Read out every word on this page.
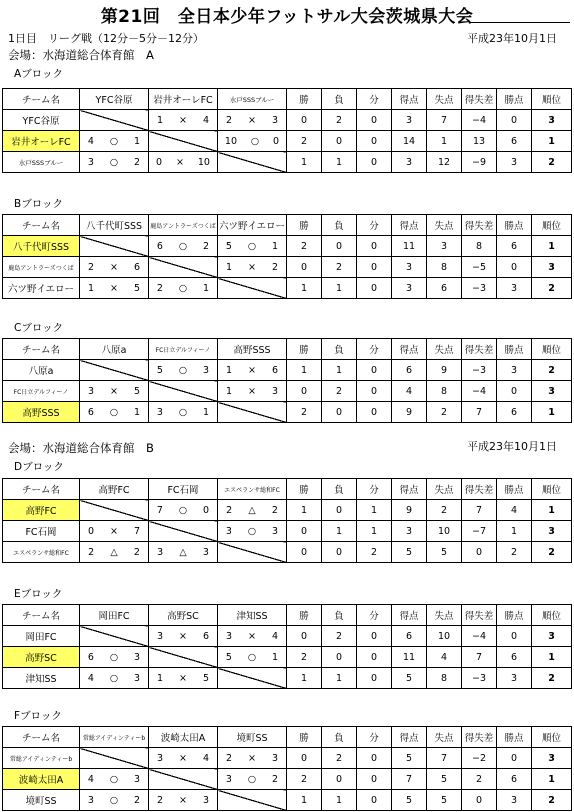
第21回　全日本少年フットサル大会茨城県大会
1日目　リーグ戦（12分－5分－12分）	平成23年10月1日
会場：水海道総合体育館　A
平成23年10月1日
会場：水海道総合体育館　B
Aブロック
チーム名	YFC谷原	岩井オーレFC	水戸SSSブルー	勝	負	分	得点	失点	得失差	勝点	順位
YFC谷原		1 × 4	2 × 3	0	2	0	3	7	−4	0	3
岩井オーレFC	4 ○ 1		10 ○ 0	2	0	0	14	1	13	6	1
水戸SSSブルー	3 ○ 2	0 × 10		1	1	0	3	12	−9	3	2
Bブロック
チーム名	八千代町SSS	鹿島アントラーズつくば	六ツ野イエロー	勝	負	分	得点	失点	得失差	勝点	順位
八千代町SSS		6 ○ 2	5 ○ 1	2	0	0	11	3	8	6	1
鹿島アントラーズつくば	2 × 6		1 × 2	0	2	0	3	8	−5	0	3
六ツ野イエロー	1 × 5	2 ○ 1		1	1	0	3	6	−3	3	2
Cブロック
チーム名	八原a	FC日立デルフィーノ	高野SSS	勝	負	分	得点	失点	得失差	勝点	順位
八原a		5 ○ 3	1 × 6	1	1	0	6	9	−3	3	2
FC日立デルフィーノ	3 × 5		1 × 3	0	2	0	4	8	−4	0	3
高野SSS	6 ○ 1	3 ○ 1		2	0	0	9	2	7	6	1
Dブロック
チーム名	高野FC	FC石岡	エスペランサ総和FC	勝	負	分	得点	失点	得失差	勝点	順位
高野FC		7 ○ 0	2 △ 2	1	0	1	9	2	7	4	1
FC石岡	0 × 7		3 ○ 3	0	1	1	3	10	−7	1	3
エスペランサ総和FC	2 △ 2	3 △ 3		0	0	2	5	5	0	2	2
Eブロック
チーム名	岡田FC	高野SC	津知SS	勝	負	分	得点	失点	得失差	勝点	順位
岡田FC		3 × 6	3 × 4	0	2	0	6	10	−4	0	3
高野SC	6 ○ 3		5 ○ 1	2	0	0	11	4	7	6	1
津知SS	4 ○ 3	1 × 5		1	1	0	5	8	−3	3	2
Fブロック
チーム名	常総アイディンティーb	波崎太田A	境町SS	勝	負	分	得点	失点	得失差	勝点	順位
常総アイディンティーb		3 × 4	2 × 3	0	2	0	5	7	−2	0	3
波崎太田A	4 ○ 3		3 ○ 2	2	0	0	7	5	2	6	1
境町SS	3 ○ 2	2 × 3		1	1	0	5	5	0	3	2
